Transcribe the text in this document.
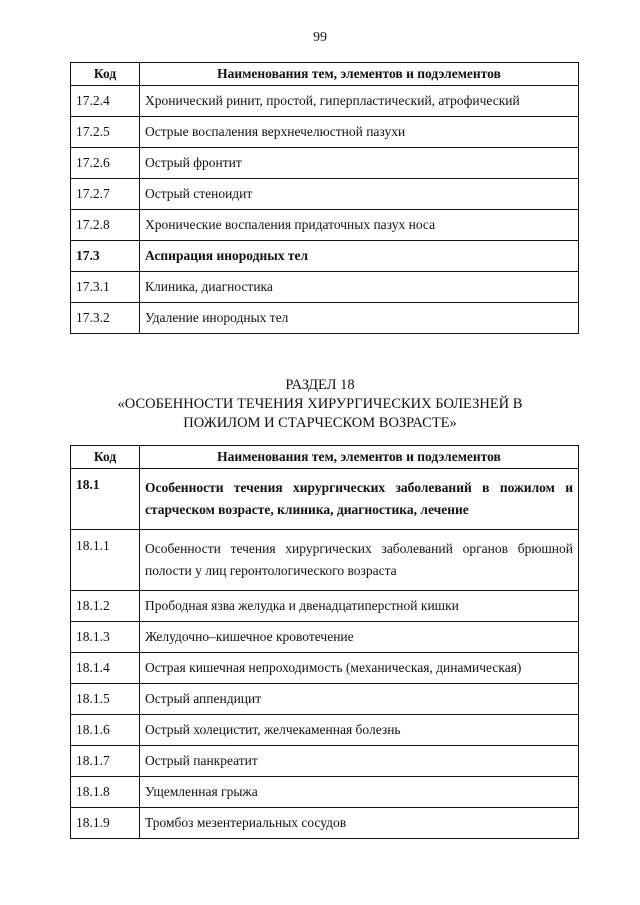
99
Код	Наименования тем, элементов и подэлементов
17.2.4	Хронический ринит, простой, гиперпластический, атрофический
17.2.5	Острые воспаления верхнечелюстной пазухи
17.2.6	Острый фронтит
17.2.7	Острый стеноидит
17.2.8	Хронические воспаления придаточных пазух носа
17.3	Аспирация инородных тел
17.3.1	Клиника, диагностика
17.3.2	Удаление инородных тел
РАЗДЕЛ 18
«ОСОБЕННОСТИ ТЕЧЕНИЯ ХИРУРГИЧЕСКИХ БОЛЕЗНЕЙ В
ПОЖИЛОМ И СТАРЧЕСКОМ ВОЗРАСТЕ»
Код	Наименования тем, элементов и подэлементов
18.1	Особенности течения хирургических заболеваний в пожилом и старческом возрасте, клиника, диагностика, лечение
18.1.1	Особенности течения хирургических заболеваний органов брюшной полости у лиц геронтологического возраста
18.1.2	Прободная язва желудка и двенадцатиперстной кишки
18.1.3	Желудочно–кишечное кровотечение
18.1.4	Острая кишечная непроходимость (механическая, динамическая)
18.1.5	Острый аппендицит
18.1.6	Острый холецистит, желчекаменная болезнь
18.1.7	Острый панкреатит
18.1.8	Ущемленная грыжа
18.1.9	Тромбоз мезентериальных сосудов
